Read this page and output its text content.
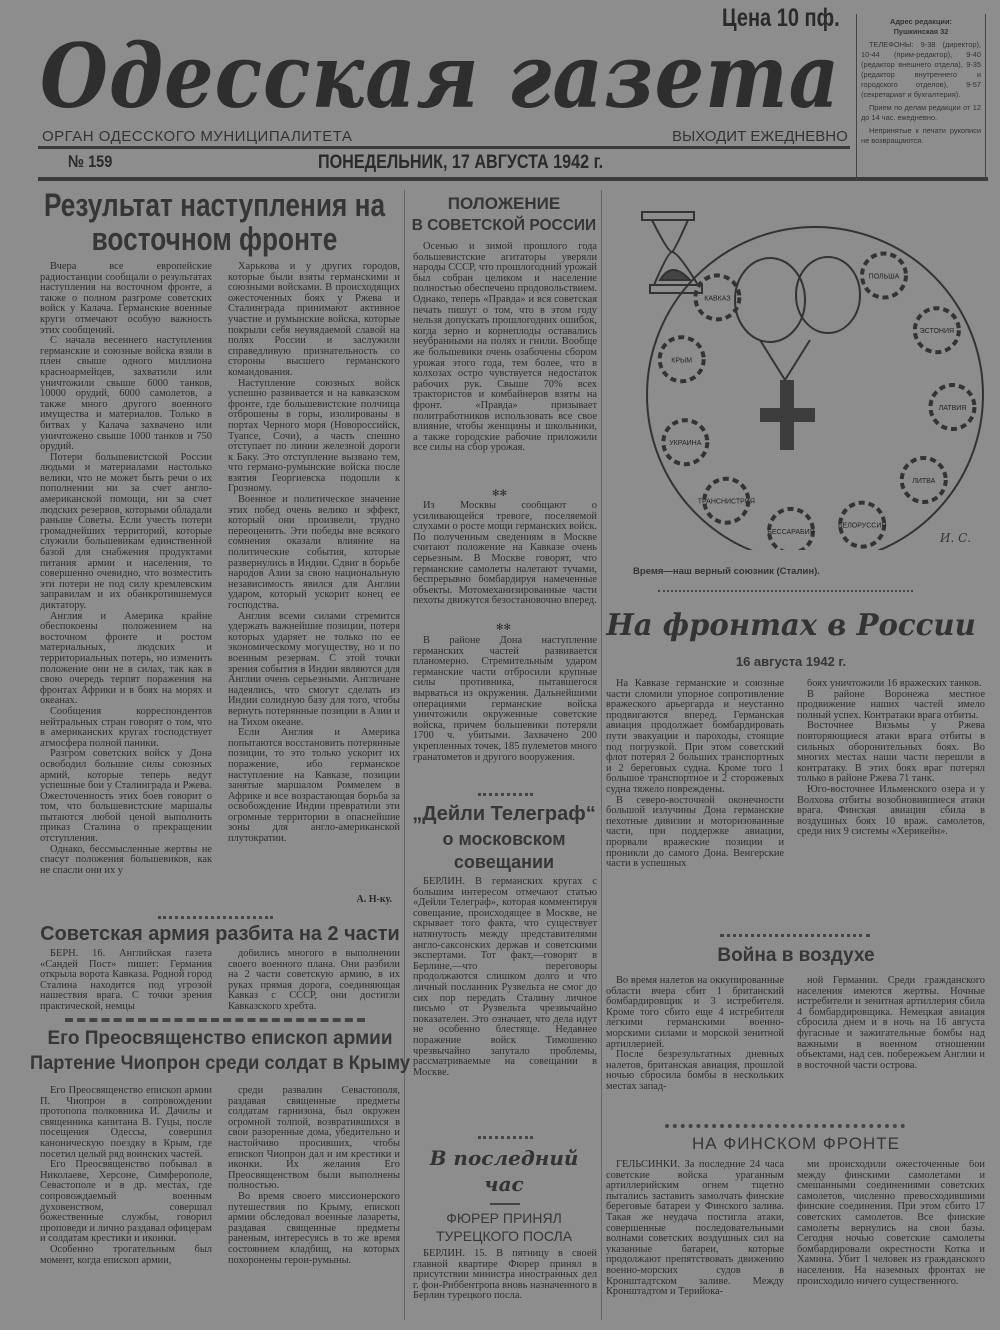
Одесская газета
Цена 10 пф.
ОРГАН ОДЕССКОГО МУНИЦИПАЛИТЕТА	ВЫХОДИТ ЕЖЕДНЕВНО
№ 159	ПОНЕДЕЛЬНИК, 17 АВГУСТА 1942 г.
Адрес редакции:
Пушкинская 32

ТЕЛЕФОНЫ: 9-38 (директор), 10-44 (прим-редактор), 9-40 (редактор внешнего отдела), 9-35 (редактор внутреннего и городского отделов), 9-57 (секретариат и бухгалтерия).

Прием по делам редакции от 12 до 14 час. ежедневно.

Непринятые к печати рукописи не возвращаются.

Результат наступления на восточном фронте

Вчера все европейские радиостанции сообщали о результатах наступления на восточном фронте, а также о полном разгроме советских войск у Калача. Германские военные круги отмечают особую важность этих сообщений.

С начала весеннего наступления германские и союзные войска взяли в плен свыше одного миллиона красноармейцев, захватили или уничтожили свыше 6000 танков, 10000 орудий, 6000 самолетов, а также много другого военного имущества и материалов. Только в битвах у Калача захвачено или уничтожено свыше 1000 танков и 750 орудий.

Потери большевистской России людьми и материалами настолько велики, что не может быть речи о их пополнении ни за счет англо-американской помощи, ни за счет людских резервов, которыми обладали раньше Советы. Если учесть потери громаднейших территорий, которые служили большевикам единственной базой для снабжения продуктами питания армии и населения, то совершенно очевидно, что возместить эти потери не под силу кремлевским заправилам и их обанкротившемуся диктатору.

Англия и Америка крайне обеспокоены положением на восточном фронте и ростом материальных, людских и территориальных потерь, но изменить положение они не в силах, так как в свою очередь терпят поражения на фронтах Африки и в боях на морях и океанах.

Сообщения корреспондентов нейтральных стран говорят о том, что в американских кругах господствует атмосфера полной паники.

Разгром советских войск у Дона освободил большие силы союзных армий, которые теперь ведут успешные бои у Сталинграда и Ржева. Ожесточенность этих боев говорит о том, что большевистские маршалы пытаются любой ценой выполнить приказ Сталина о прекращении отступления.

Однако, бессмысленные жертвы не спасут положения большевиков, как не спасли они их у

Харькова и у других городов, которые были взяты германскими и союзными войсками. В происходящих ожесточенных боях у Ржева и Сталинграда принимают активное участие и румынские войска, которые покрыли себя неувядаемой славой на полях России и заслужили справедливую признательность со стороны высшего германского командования.

Наступление союзных войск успешно развивается и на кавказском фронте, где большевистские полчища отброшены в горы, изолированы в портах Черного моря (Новороссийск, Туапсе, Сочи), а часть спешно отступает по линии железной дороги к Баку. Это отступление вызвано тем, что германо-румынские войска после взятия Георгиевска подошли к Грозному.

Военное и политическое значение этих побед очень велико и эффект, который они произвели, трудно переоценить. Эти победы вне всякого сомнения оказали влияние на политические события, которые развернулись в Индии. Сдвиг в борьбе народов Азии за свою национальную независимость явился для Англии ударом, который ускорит конец ее господства.

Англия всеми силами стремится удержать важнейшие позиции, потеря которых ударяет не только по ее экономическому могуществу, но и по военным резервам. С этой точки зрения события в Индии являются для Англии очень серьезными. Англичане надеялись, что смогут сделать из Индии солидную базу для того, чтобы вернуть потерянные позиции в Азии и на Тихом океане.

Если Англия и Америка попытаются восстановить потерянные позиции, то это только ускорит их поражение, ибо германское наступление на Кавказе, позиции занятые маршалом Роммелем в Африке и все возрастающая борьба за освобождение Индии превратили эти огромные территории в опаснейшие зоны для англо-американской плутократии.

А. Н-ку.
Советская армия разбита на 2 части

БЕРН. 16. Английская газета «Сандей Пост» пишет: Германия открыла ворота Кавказа. Родной город Сталина находится под угрозой нашествия врага. С точки зрения практической, немцы

добились многого в выполнении своего военного плана. Они разбили на 2 части советскую армию, в их руках прямая дорога, соединяющая Кавказ с СССР, они достигли Кавказского хребта.

Его Преосвященство епископ армии
Партение Чиопрон среди солдат в Крыму

Его Преосвященство епископ армии П. Чиопрон в сопровождении протопопа полковника И. Дачилы и священника капитана В. Гуцы, после посещения Одессы, совершил каноническую поездку в Крым, где посетил целый ряд воинских частей.

Его Преосвященство побывал в Николаеве, Херсоне, Симферополе, Севастополе и в др. местах, где сопровождаемый военным духовенством, совершал божественные службы, говорил проповеди и лично раздавал офицерам и солдатам крестики и иконки.

Особенно трогательным был момент, когда епископ армии,

среди развалин Севастополя, раздавая священные предметы солдатам гарнизона, был окружен огромной толпой, возвратившихся в свои разоренные дома, убедительно и настойчиво просивших, чтобы епископ Чиопрон дал и им крестики и иконки. Их желания Его Преосвященством были выполнены полностью.

Во время своего миссионерского путешествия по Крыму, епископ армии обследовал военные лазареты, раздавая священные предметы раненым, интересуясь в то же время состоянием кладбищ, на которых похоронены герои-румыны.

ПОЛОЖЕНИЕ
В СОВЕТСКОЙ РОССИИ

Осенью и зимой прошлого года большевистские агитаторы уверяли народы СССР, что прошлогодний урожай был собран целиком и население полностью обеспечено продовольствием. Однако, теперь «Правда» и вся советская печать пишут о том, что в этом году нельзя допускать прошлогодних ошибок, когда зерно и корнеплоды оставались неубранными на полях и гнили. Вообще же большевики очень озабочены сбором урожая этого года, тем более, что в колхозах остро чувствуется недостаток рабочих рук. Свыше 70% всех трактористов и комбайнеров взяты на фронт. «Правда» призывает политработников использовать все свое влияние, чтобы женщины и школьники, а также городские рабочие приложили все силы на сбор урожая.

✻✻

Из Москвы сообщают о усиливающейся тревоге, поселяемой слухами о росте мощи германских войск. По полученным сведениям в Москве считают положение на Кавказе очень серьезным. В Москве говорят, что германские самолеты налетают тучами, беспрерывно бомбардируя намеченные объекты. Мотомеханизированные части пехоты движутся безостановочно вперед.

✻✻

В районе Дона наступление германских частей развивается планомерно. Стремительным ударом германские части отбросили крупные силы противника, пытавшегося вырваться из окружения. Дальнейшими операциями германские войска уничтожили окруженные советские войска, причем большевики потеряли 1700 ч. убитыми. Захвачено 200 укрепленных точек, 185 пулеметов много гранатометов и другого вооружения.

„Дейли Телеграф“
о московском
совещании

БЕРЛИН. В германских кругах с большим интересом отмечают статью «Дейли Телеграф», которая комментируя совещание, происходящее в Москве, не скрывает того факта, что существует натянутость между представителями англо-саксонских держав и советскими экспертами. Тот факт,—говорят в Берлине,—что переговоры продолжаются слишком долго и что личный посланник Рузвельта не смог до сих пор передать Сталину личное письмо от Рузвельта чрезвычайно показателен. Это означает, что дела идут не особенно блестяще. Недавнее поражение войск Тимошенко чрезвычайно запутало проблемы, рассматриваемые на совещании в Москве.

В последний
час
ФЮРЕР ПРИНЯЛ
ТУРЕЦКОГО ПОСЛА

БЕРЛИН. 15. В пятницу в своей главной квартире Фюрер принял в присутствии министра иностранных дел г. фон-Риббентропа вновь назначенного в Берлин турецкого посла.

ПОЛЬША
ЭСТОНИЯ
ЛАТВИЯ
ЛИТВА
БЕЛОРУССИЯ
БЕССАРАБИЯ
ТРАНСНИСТРИЯ
УКРАИНА
КРЫМ
КАВКАЗ
И. С.
Время—наш верный союзник (Сталин).
На фронтах в России
16 августа 1942 г.

На Кавказе германские и союзные части сломили упорное сопротивление вражеского арьергарда и неустанно продвигаются вперед. Германская авиация продолжает бомбардировать пути эвакуации и пароходы, стоящие под погрузкой. При этом советский флот потерял 2 больших транспортных и 2 береговых судна. Кроме того 1 большое транспортное и 2 сторожевых судна тяжело повреждены.

В северо-восточной оконечности большой излучины Дона германские пехотные дивизии и моторизованные части, при поддержке авиации, прорвали вражеские позиции и проникли до самого Дона. Венгерские части в успешных

боях уничтожили 16 вражеских танков.

В районе Воронежа местное продвижение наших частей имело полный успех. Контратаки врага отбиты.

Восточнее Вязьмы у Ржева повторяющиеся атаки врага отбиты в сильных оборонительных боях. Во многих местах наши части перешли в контратаку. В этих боях враг потерял только в районе Ржева 71 танк.

Юго-восточнее Ильменского озера и у Волхова отбиты возобновившиеся атаки врага. Финская авиация сбила в воздушных боях 10 враж. самолетов, среди них 9 системы «Херикейн».

Война в воздухе

Во время налетов на оккупированные области вчера сбит 1 британский бомбардировщик и 3 истребителя. Кроме того сбито еще 4 истребителя легкими германскими военно-морскими силами и морской зенитной артиллерией.

После безрезультатных дневных налетов, британская авиация, прошлой ночью сбросила бомбы в нескольких местах запад-

ной Германии. Среди гражданского населения имеются жертвы. Ночные истребители и зенитная артиллерия сбила 4 бомбардировщика. Немецкая авиация сбросила днем и в ночь на 16 августа фугасные и зажигательные бомбы над важными в военном отношении объектами, над сев. побережьем Англии и в восточной части острова.

НА ФИНСКОМ ФРОНТЕ

ГЕЛЬСИНКИ. За последние 24 часа советские войска ураганным артиллерийским огнем тщетно пытались заставить замолчать финские береговые батареи у Финского залива. Такая же неудача постигла атаки, совершенные последовательными волнами советских воздушных сил на указанные батареи, которые продолжают препятствовать движению военно-морских судов в Кронштадтском заливе. Между Кронштадтом и Терийока-

ми происходили ожесточенные бои между финскими самолетами и смешанными соединениями советских самолетов, численно превосходившими финские соединения. При этом сбито 17 советских самолетов. Все финские самолеты вернулись на свои базы. Сегодня ночью советские самолеты бомбардировали окрестности Котка и Хамина. Убит 1 человек из гражданского населения. На наземных фронтах не происходило ничего существенного.
